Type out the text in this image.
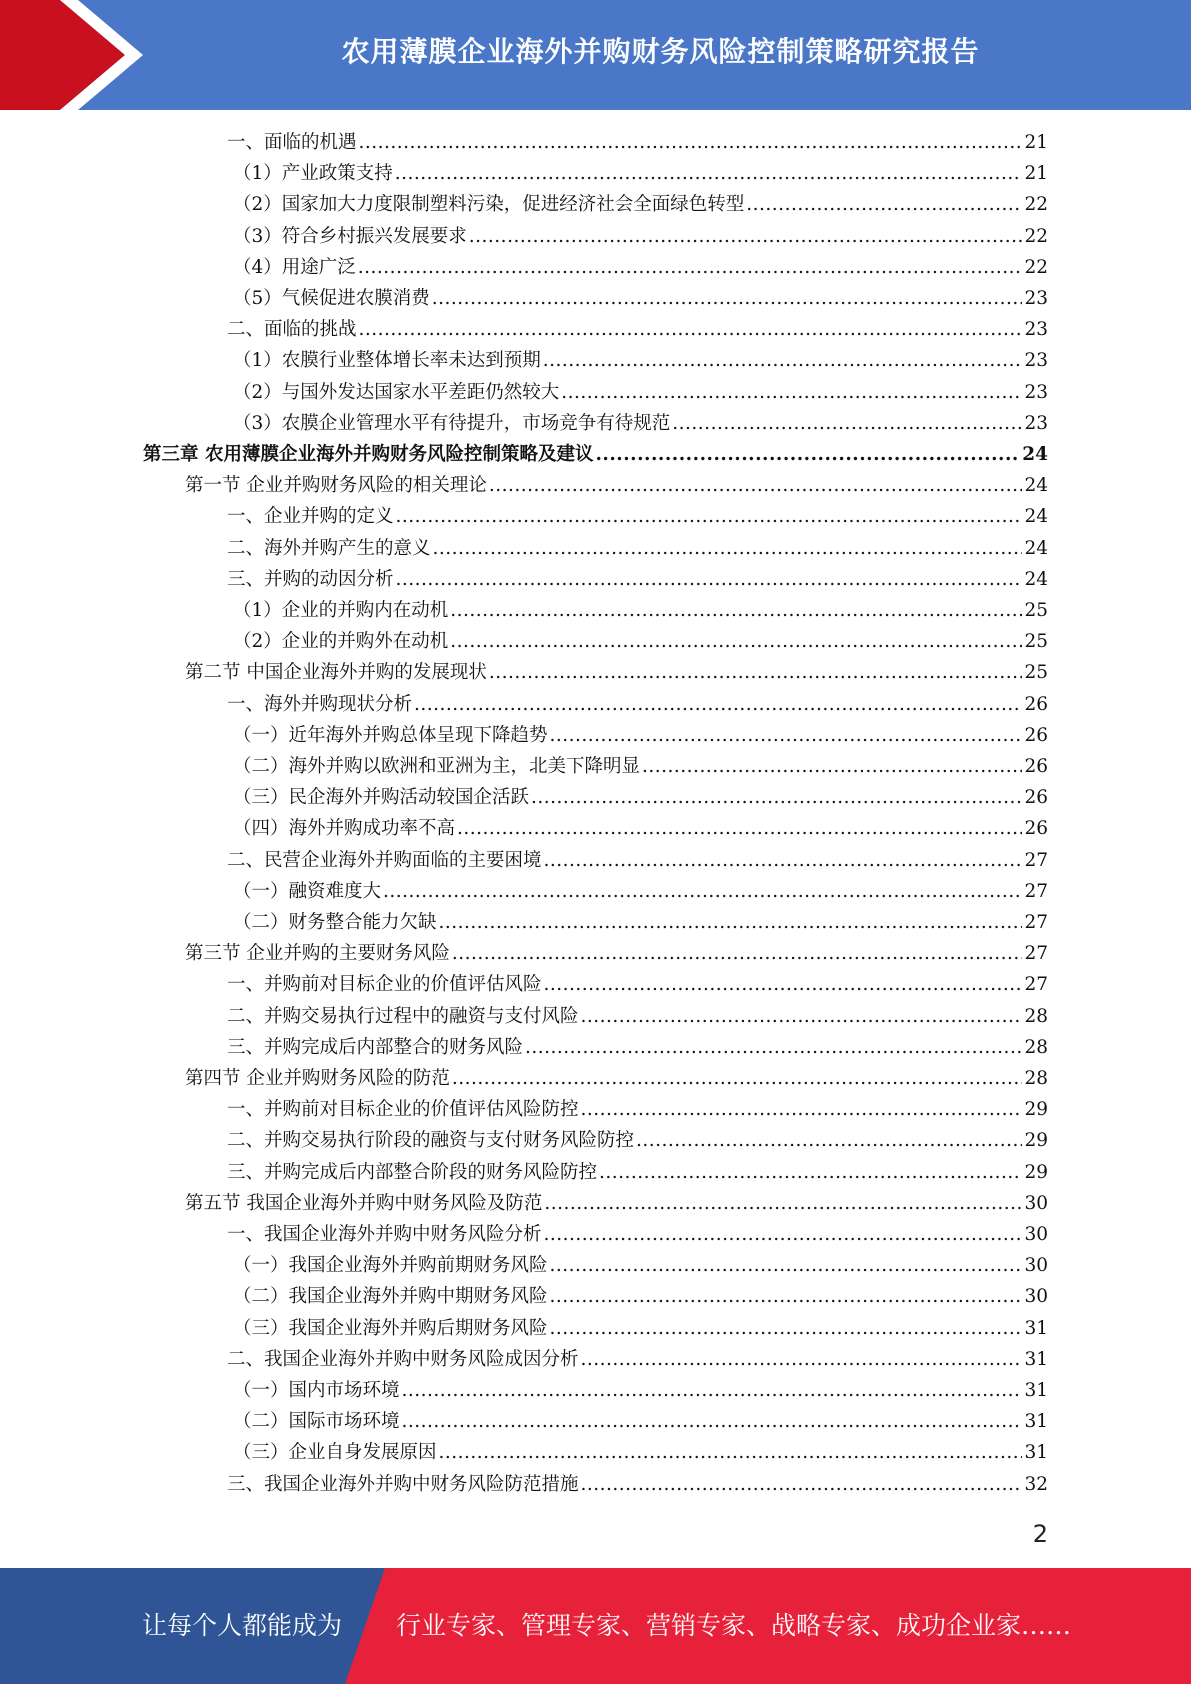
农用薄膜企业海外并购财务风险控制策略研究报告
一、面临的机遇 .....	21
（1）产业政策支持 .....	21
（2）国家加大力度限制塑料污染，促进经济社会全面绿色转型 .....	22
（3）符合乡村振兴发展要求 .....	22
（4）用途广泛 .....	22
（5）气候促进农膜消费 .....	23
二、面临的挑战 .....	23
（1）农膜行业整体增长率未达到预期 .....	23
（2）与国外发达国家水平差距仍然较大 .....	23
（3）农膜企业管理水平有待提升，市场竞争有待规范 .....	23
第三章 农用薄膜企业海外并购财务风险控制策略及建议 .....	24
第一节 企业并购财务风险的相关理论 .....	24
一、企业并购的定义 .....	24
二、海外并购产生的意义 .....	24
三、并购的动因分析 .....	24
（1）企业的并购内在动机 .....	25
（2）企业的并购外在动机 .....	25
第二节 中国企业海外并购的发展现状 .....	25
一、海外并购现状分析 .....	26
（一）近年海外并购总体呈现下降趋势 .....	26
（二）海外并购以欧洲和亚洲为主，北美下降明显 .....	26
（三）民企海外并购活动较国企活跃 .....	26
（四）海外并购成功率不高 .....	26
二、民营企业海外并购面临的主要困境 .....	27
（一）融资难度大 .....	27
（二）财务整合能力欠缺 .....	27
第三节 企业并购的主要财务风险 .....	27
一、并购前对目标企业的价值评估风险 .....	27
二、并购交易执行过程中的融资与支付风险 .....	28
三、并购完成后内部整合的财务风险 .....	28
第四节 企业并购财务风险的防范 .....	28
一、并购前对目标企业的价值评估风险防控 .....	29
二、并购交易执行阶段的融资与支付财务风险防控 .....	29
三、并购完成后内部整合阶段的财务风险防控 .....	29
第五节 我国企业海外并购中财务风险及防范 .....	30
一、我国企业海外并购中财务风险分析 .....	30
（一）我国企业海外并购前期财务风险 .....	30
（二）我国企业海外并购中期财务风险 .....	30
（三）我国企业海外并购后期财务风险 .....	31
二、我国企业海外并购中财务风险成因分析 .....	31
（一）国内市场环境 .....	31
（二）国际市场环境 .....	31
（三）企业自身发展原因 .....	31
三、我国企业海外并购中财务风险防范措施 .....	32
2
让每个人都能成为 行业专家、管理专家、营销专家、战略专家、成功企业家……
